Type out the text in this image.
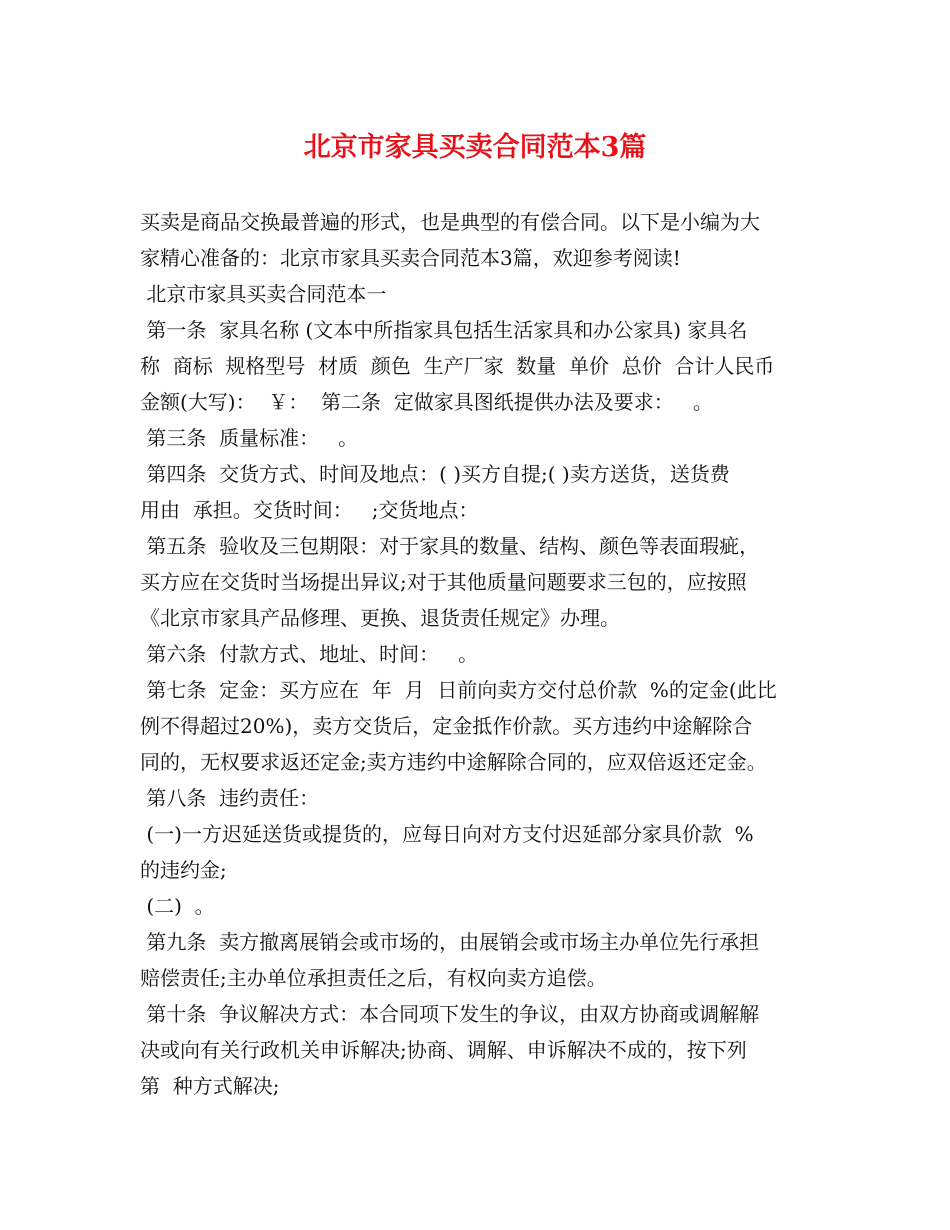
北京市家具买卖合同范本3篇
买卖是商品交换最普遍的形式，也是典型的有偿合同。以下是小编为大
家精心准备的：北京市家具买卖合同范本3篇，欢迎参考阅读!
北京市家具买卖合同范本一
第一条  家具名称 (文本中所指家具包括生活家具和办公家具) 家具名
称  商标  规格型号  材质  颜色  生产厂家  数量  单价  总价  合计人民币
金额(大写)：  ￥：  第二条  定做家具图纸提供办法及要求：   。
第三条  质量标准：   。
第四条  交货方式、时间及地点：( )买方自提;( )卖方送货，送货费
用由  承担。交货时间：   ;交货地点：
第五条  验收及三包期限：对于家具的数量、结构、颜色等表面瑕疵，
买方应在交货时当场提出异议;对于其他质量问题要求三包的，应按照
《北京市家具产品修理、更换、退货责任规定》办理。
第六条  付款方式、地址、时间：   。
第七条  定金：买方应在  年  月  日前向卖方交付总价款  %的定金(此比
例不得超过20%)，卖方交货后，定金抵作价款。买方违约中途解除合
同的，无权要求返还定金;卖方违约中途解除合同的，应双倍返还定金。
第八条  违约责任：
(一)一方迟延送货或提货的，应每日向对方支付迟延部分家具价款  %
的违约金;
(二)  。
第九条  卖方撤离展销会或市场的，由展销会或市场主办单位先行承担
赔偿责任;主办单位承担责任之后，有权向卖方追偿。
第十条  争议解决方式：本合同项下发生的争议，由双方协商或调解解
决或向有关行政机关申诉解决;协商、调解、申诉解决不成的，按下列
第  种方式解决;
